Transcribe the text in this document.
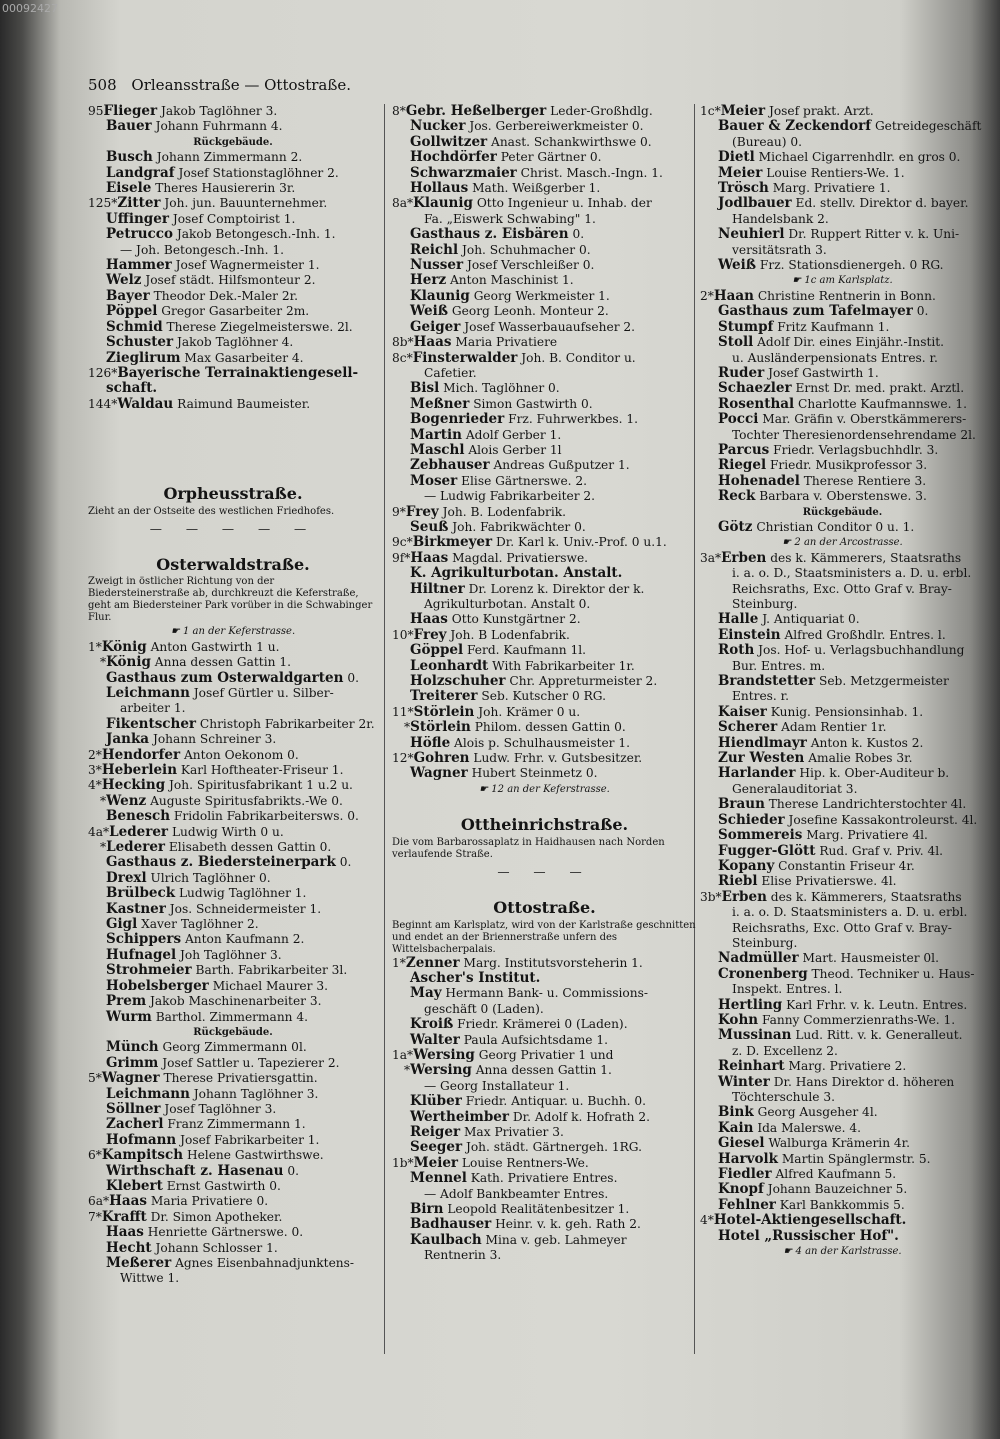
00092427
508 Orleansstraße — Ottostraße.
95Flieger Jakob Taglöhner 3.
Bauer Johann Fuhrmann 4.
Rückgebäude.
Busch Johann Zimmermann 2.
Landgraf Josef Stationstaglöhner 2.
Eisele Theres Hausiererin 3r.
125*Zitter Joh. jun. Bauunternehmer.
Üffinger Josef Comptoirist 1.
Petrucco Jakob Betongesch.-Inh. 1.
— Joh. Betongesch.-Inh. 1.
Hammer Josef Wagnermeister 1.
Welz Josef städt. Hilfsmonteur 2.
Bayer Theodor Dek.-Maler 2r.
Pöppel Gregor Gasarbeiter 2m.
Schmid Therese Ziegelmeisterswe. 2l.
Schuster Jakob Taglöhner 4.
Zieglirum Max Gasarbeiter 4.
126*Bayerische Terrainaktiengesell-
schaft.
144*Waldau Raimund Baumeister.
Orpheusstraße.
Zieht an der Ostseite des westlichen Friedhofes.
— — — — —
Osterwaldstraße.
Zweigt in östlicher Richtung von der Biedersteinerstraße ab, durchkreuzt die Keferstraße, geht am Biedersteiner Park vorüber in die Schwabinger Flur.
☛ 1 an der Keferstrasse.
1*König Anton Gastwirth 1 u.
*König Anna dessen Gattin 1.
Gasthaus zum Osterwaldgarten 0.
Leichmann Josef Gürtler u. Silber-
arbeiter 1.
Fikentscher Christoph Fabrikarbeiter 2r.
Janka Johann Schreiner 3.
2*Hendorfer Anton Oekonom 0.
3*Heberlein Karl Hoftheater-Friseur 1.
4*Hecking Joh. Spiritusfabrikant 1 u.2 u.
*Wenz Auguste Spiritusfabrikts.-We 0.
Benesch Fridolin Fabrikarbeitersws. 0.
4a*Lederer Ludwig Wirth 0 u.
*Lederer Elisabeth dessen Gattin 0.
Gasthaus z. Biedersteinerpark 0.
Drexl Ulrich Taglöhner 0.
Brülbeck Ludwig Taglöhner 1.
Kastner Jos. Schneidermeister 1.
Gigl Xaver Taglöhner 2.
Schippers Anton Kaufmann 2.
Hufnagel Joh Taglöhner 3.
Strohmeier Barth. Fabrikarbeiter 3l.
Hobelsberger Michael Maurer 3.
Prem Jakob Maschinenarbeiter 3.
Wurm Barthol. Zimmermann 4.
Rückgebäude.
Münch Georg Zimmermann 0l.
Grimm Josef Sattler u. Tapezierer 2.
5*Wagner Therese Privatiersgattin.
Leichmann Johann Taglöhner 3.
Söllner Josef Taglöhner 3.
Zacherl Franz Zimmermann 1.
Hofmann Josef Fabrikarbeiter 1.
6*Kampitsch Helene Gastwirthswe.
Wirthschaft z. Hasenau 0.
Klebert Ernst Gastwirth 0.
6a*Haas Maria Privatiere 0.
7*Krafft Dr. Simon Apotheker.
Haas Henriette Gärtnerswe. 0.
Hecht Johann Schlosser 1.
Meßerer Agnes Eisenbahnadjunktens-
Wittwe 1.
8*Gebr. Heßelberger Leder-Großhdlg.
Nucker Jos. Gerbereiwerkmeister 0.
Gollwitzer Anast. Schankwirthswe 0.
Hochdörfer Peter Gärtner 0.
Schwarzmaier Christ. Masch.-Ingn. 1.
Hollaus Math. Weißgerber 1.
8a*Klaunig Otto Ingenieur u. Inhab. der
Fa. „Eiswerk Schwabing" 1.
Gasthaus z. Eisbären 0.
Reichl Joh. Schuhmacher 0.
Nusser Josef Verschleißer 0.
Herz Anton Maschinist 1.
Klaunig Georg Werkmeister 1.
Weiß Georg Leonh. Monteur 2.
Geiger Josef Wasserbauaufseher 2.
8b*Haas Maria Privatiere
8c*Finsterwalder Joh. B. Conditor u.
Cafetier.
Bisl Mich. Taglöhner 0.
Meßner Simon Gastwirth 0.
Bogenrieder Frz. Fuhrwerkbes. 1.
Martin Adolf Gerber 1.
Maschl Alois Gerber 1l
Zebhauser Andreas Gußputzer 1.
Moser Elise Gärtnerswe. 2.
— Ludwig Fabrikarbeiter 2.
9*Frey Joh. B. Lodenfabrik.
Seuß Joh. Fabrikwächter 0.
9c*Birkmeyer Dr. Karl k. Univ.-Prof. 0 u.1.
9f*Haas Magdal. Privatierswe.
K. Agrikulturbotan. Anstalt.
Hiltner Dr. Lorenz k. Direktor der k.
Agrikulturbotan. Anstalt 0.
Haas Otto Kunstgärtner 2.
10*Frey Joh. B Lodenfabrik.
Göppel Ferd. Kaufmann 1l.
Leonhardt With Fabrikarbeiter 1r.
Holzschuher Chr. Appreturmeister 2.
Treiterer Seb. Kutscher 0 RG.
11*Störlein Joh. Krämer 0 u.
*Störlein Philom. dessen Gattin 0.
Höfle Alois p. Schulhausmeister 1.
12*Gohren Ludw. Frhr. v. Gutsbesitzer.
Wagner Hubert Steinmetz 0.
☛ 12 an der Keferstrasse.
Ottheinrichstraße.
Die vom Barbarossaplatz in Haidhausen nach Norden verlaufende Straße.
— — —
Ottostraße.
Beginnt am Karlsplatz, wird von der Karlstraße geschnitten und endet an der Briennerstraße unfern des Wittelsbacherpalais.
1*Zenner Marg. Institutsvorsteherin 1.
Ascher's Institut.
May Hermann Bank- u. Commissions-
geschäft 0 (Laden).
Kroiß Friedr. Krämerei 0 (Laden).
Walter Paula Aufsichtsdame 1.
1a*Wersing Georg Privatier 1 und
*Wersing Anna dessen Gattin 1.
— Georg Installateur 1.
Klüber Friedr. Antiquar. u. Buchh. 0.
Wertheimber Dr. Adolf k. Hofrath 2.
Reiger Max Privatier 3.
Seeger Joh. städt. Gärtnergeh. 1RG.
1b*Meier Louise Rentners-We.
Mennel Kath. Privatiere Entres.
— Adolf Bankbeamter Entres.
Birn Leopold Realitätenbesitzer 1.
Badhauser Heinr. v. k. geh. Rath 2.
Kaulbach Mina v. geb. Lahmeyer
Rentnerin 3.
1c*Meier Josef prakt. Arzt.
Bauer & Zeckendorf Getreidegeschäft
(Bureau) 0.
Dietl Michael Cigarrenhdlr. en gros 0.
Meier Louise Rentiers-We. 1.
Trösch Marg. Privatiere 1.
Jodlbauer Ed. stellv. Direktor d. bayer.
Handelsbank 2.
Neuhierl Dr. Ruppert Ritter v. k. Uni-
versitätsrath 3.
Weiß Frz. Stationsdienergeh. 0 RG.
☛ 1c am Karlsplatz.
2*Haan Christine Rentnerin in Bonn.
Gasthaus zum Tafelmayer 0.
Stumpf Fritz Kaufmann 1.
Stoll Adolf Dir. eines Einjähr.-Instit.
u. Ausländerpensionats Entres. r.
Ruder Josef Gastwirth 1.
Schaezler Ernst Dr. med. prakt. Arztl.
Rosenthal Charlotte Kaufmannswe. 1.
Pocci Mar. Gräfin v. Oberstkämmerers-
Tochter Theresienordensehrendame 2l.
Parcus Friedr. Verlagsbuchhdlr. 3.
Riegel Friedr. Musikprofessor 3.
Hohenadel Therese Rentiere 3.
Reck Barbara v. Oberstenswe. 3.
Rückgebäude.
Götz Christian Conditor 0 u. 1.
☛ 2 an der Arcostrasse.
3a*Erben des k. Kämmerers, Staatsraths
i. a. o. D., Staatsministers a. D. u. erbl.
Reichsraths, Exc. Otto Graf v. Bray-
Steinburg.
Halle J. Antiquariat 0.
Einstein Alfred Großhdlr. Entres. l.
Roth Jos. Hof- u. Verlagsbuchhandlung
Bur. Entres. m.
Brandstetter Seb. Metzgermeister
Entres. r.
Kaiser Kunig. Pensionsinhab. 1.
Scherer Adam Rentier 1r.
Hiendlmayr Anton k. Kustos 2.
Zur Westen Amalie Robes 3r.
Harlander Hip. k. Ober-Auditeur b.
Generalauditoriat 3.
Braun Therese Landrichterstochter 4l.
Schieder Josefine Kassakontroleurst. 4l.
Sommereis Marg. Privatiere 4l.
Fugger-Glött Rud. Graf v. Priv. 4l.
Kopany Constantin Friseur 4r.
Riebl Elise Privatierswe. 4l.
3b*Erben des k. Kämmerers, Staatsraths
i. a. o. D. Staatsministers a. D. u. erbl.
Reichsraths, Exc. Otto Graf v. Bray-
Steinburg.
Nadmüller Mart. Hausmeister 0l.
Cronenberg Theod. Techniker u. Haus-
Inspekt. Entres. l.
Hertling Karl Frhr. v. k. Leutn. Entres.
Kohn Fanny Commerzienraths-We. 1.
Mussinan Lud. Ritt. v. k. Generalleut.
z. D. Excellenz 2.
Reinhart Marg. Privatiere 2.
Winter Dr. Hans Direktor d. höheren
Töchterschule 3.
Bink Georg Ausgeher 4l.
Kain Ida Malerswe. 4.
Giesel Walburga Krämerin 4r.
Harvolk Martin Spänglermstr. 5.
Fiedler Alfred Kaufmann 5.
Knopf Johann Bauzeichner 5.
Fehlner Karl Bankkommis 5.
4*Hotel-Aktiengesellschaft.
Hotel „Russischer Hof".
☛ 4 an der Karlstrasse.
